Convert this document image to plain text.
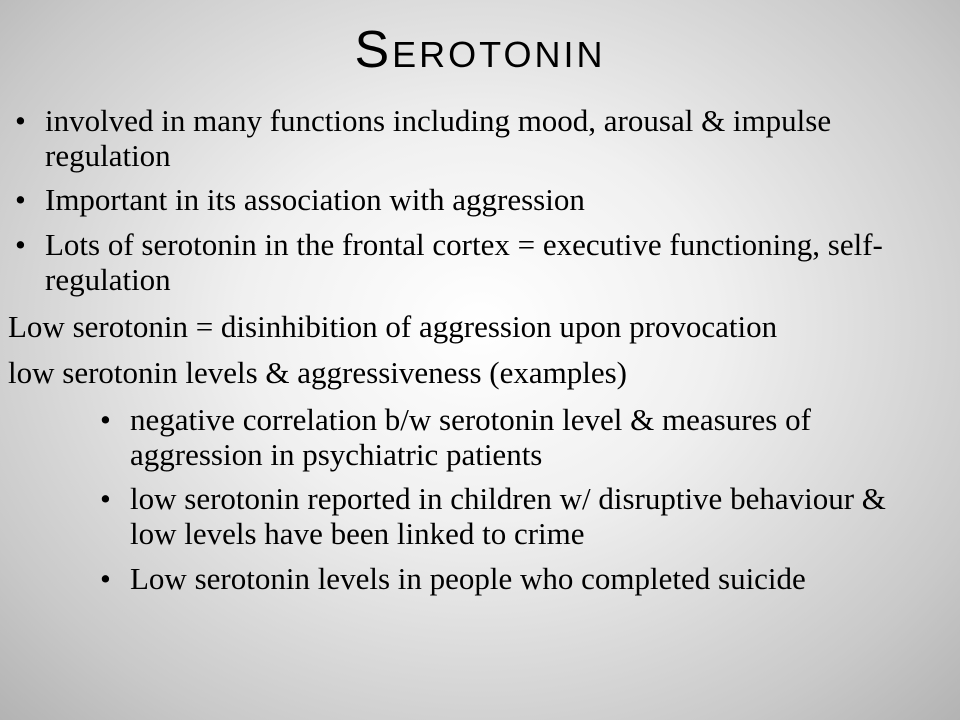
Serotonin
• involved in many functions including mood, arousal & impulse regulation
• Important in its association with aggression
• Lots of serotonin in the frontal cortex = executive functioning, self-regulation
Low serotonin = disinhibition of aggression upon provocation
low serotonin levels & aggressiveness (examples)
• negative correlation b/w serotonin level & measures of aggression in psychiatric patients
• low serotonin reported in children w/ disruptive behaviour & low levels have been linked to crime
• Low serotonin levels in people who completed suicide
